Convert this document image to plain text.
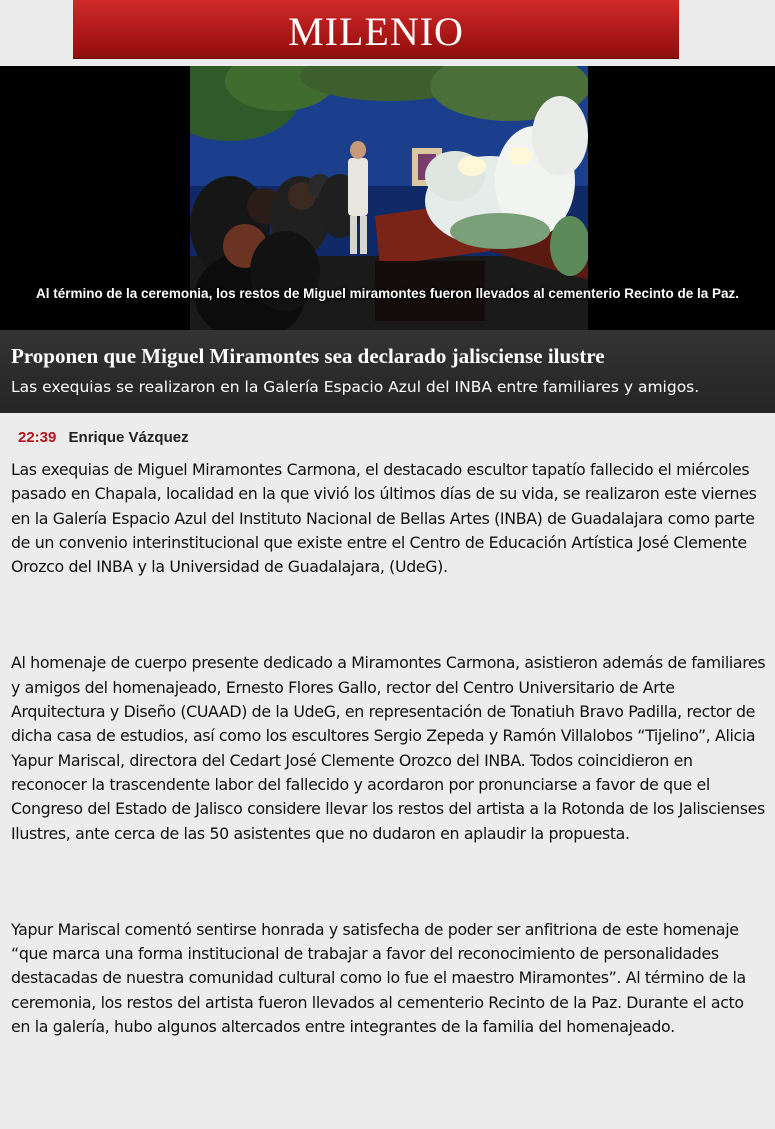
MILENIO
Al término de la ceremonia, los restos de Miguel miramontes fueron llevados al cementerio Recinto de la Paz.
Proponen que Miguel Miramontes sea declarado jalisciense ilustre

Las exequias se realizaron en la Galería Espacio Azul del INBA entre familiares y amigos.

22:39 Enrique Vázquez

Las exequias de Miguel Miramontes Carmona, el destacado escultor tapatío fallecido el miércoles pasado en Chapala, localidad en la que vivió los últimos días de su vida, se realizaron este viernes en la Galería Espacio Azul del Instituto Nacional de Bellas Artes (INBA) de Guadalajara como parte de un convenio interinstitucional que existe entre el Centro de Educación Artística José Clemente Orozco del INBA y la Universidad de Guadalajara, (UdeG).

Al homenaje de cuerpo presente dedicado a Miramontes Carmona, asistieron además de familiares y amigos del homenajeado, Ernesto Flores Gallo, rector del Centro Universitario de Arte Arquitectura y Diseño (CUAAD) de la UdeG, en representación de Tonatiuh Bravo Padilla, rector de dicha casa de estudios, así como los escultores Sergio Zepeda y Ramón Villalobos “Tijelino”, Alicia Yapur Mariscal, directora del Cedart José Clemente Orozco del INBA. Todos coincidieron en reconocer la trascendente labor del fallecido y acordaron por pronunciarse a favor de que el Congreso del Estado de Jalisco considere llevar los restos del artista a la Rotonda de los Jaliscienses Ilustres, ante cerca de las 50 asistentes que no dudaron en aplaudir la propuesta.

Yapur Mariscal comentó sentirse honrada y satisfecha de poder ser anfitriona de este homenaje “que marca una forma institucional de trabajar a favor del reconocimiento de personalidades destacadas de nuestra comunidad cultural como lo fue el maestro Miramontes”. Al término de la ceremonia, los restos del artista fueron llevados al cementerio Recinto de la Paz. Durante el acto en la galería, hubo algunos altercados entre integrantes de la familia del homenajeado.
